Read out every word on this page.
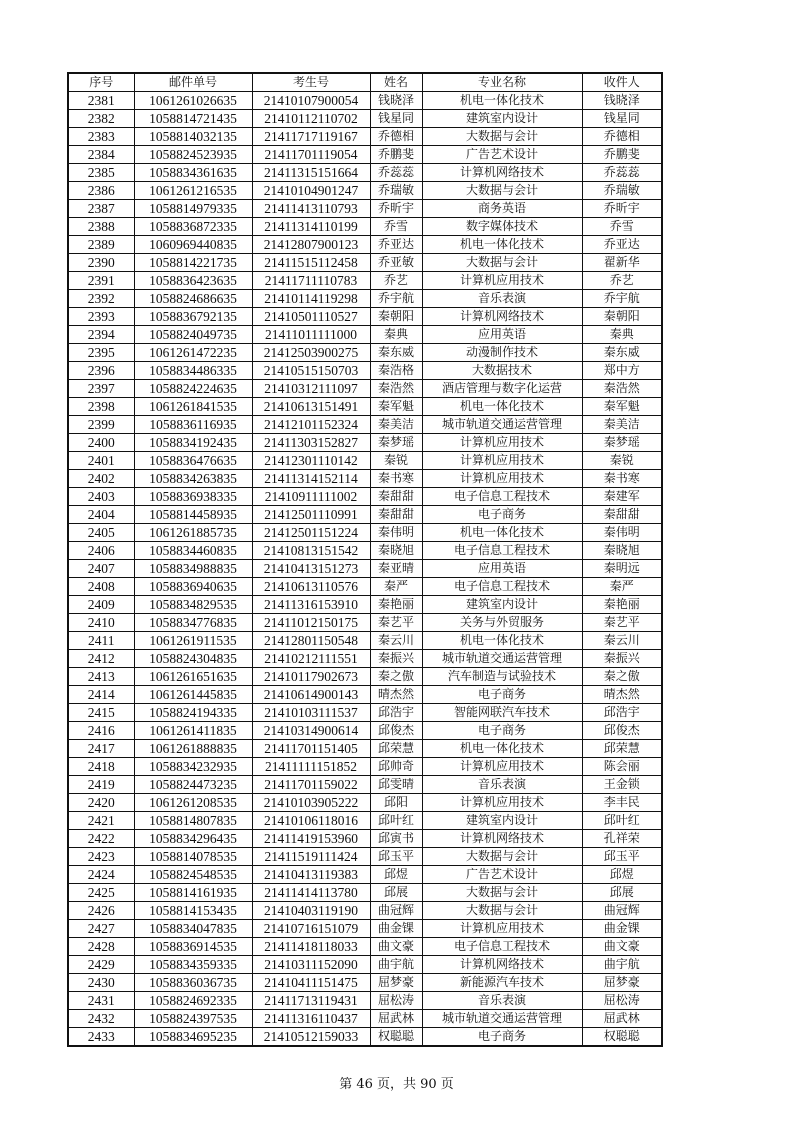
序号	邮件单号	考生号	姓名	专业名称	收件人
2381	1061261026635	21410107900054	钱晓泽	机电一体化技术	钱晓泽
2382	1058814721435	21410112110702	钱星同	建筑室内设计	钱星同
2383	1058814032135	21411717119167	乔德相	大数据与会计	乔德相
2384	1058824523935	21411701119054	乔鹏斐	广告艺术设计	乔鹏斐
2385	1058834361635	21411315151664	乔蕊蕊	计算机网络技术	乔蕊蕊
2386	1061261216535	21410104901247	乔瑞敏	大数据与会计	乔瑞敏
2387	1058814979335	21411413110793	乔昕宇	商务英语	乔昕宇
2388	1058836872335	21411314110199	乔雪	数字媒体技术	乔雪
2389	1060969440835	21412807900123	乔亚达	机电一体化技术	乔亚达
2390	1058814221735	21411515112458	乔亚敏	大数据与会计	翟新华
2391	1058836423635	21411711110783	乔艺	计算机应用技术	乔艺
2392	1058824686635	21410114119298	乔宇航	音乐表演	乔宇航
2393	1058836792135	21410501110527	秦朝阳	计算机网络技术	秦朝阳
2394	1058824049735	21411011111000	秦典	应用英语	秦典
2395	1061261472235	21412503900275	秦东威	动漫制作技术	秦东威
2396	1058834486335	21410515150703	秦浩格	大数据技术	郑中方
2397	1058824224635	21410312111097	秦浩然	酒店管理与数字化运营	秦浩然
2398	1061261841535	21410613151491	秦军魁	机电一体化技术	秦军魁
2399	1058836116935	21412101152324	秦美洁	城市轨道交通运营管理	秦美洁
2400	1058834192435	21411303152827	秦梦瑶	计算机应用技术	秦梦瑶
2401	1058836476635	21412301110142	秦锐	计算机应用技术	秦锐
2402	1058834263835	21411314152114	秦书寒	计算机应用技术	秦书寒
2403	1058836938335	21410911111002	秦甜甜	电子信息工程技术	秦建军
2404	1058814458935	21412501110991	秦甜甜	电子商务	秦甜甜
2405	1061261885735	21412501151224	秦伟明	机电一体化技术	秦伟明
2406	1058834460835	21410813151542	秦晓旭	电子信息工程技术	秦晓旭
2407	1058834988835	21410413151273	秦亚晴	应用英语	秦明远
2408	1058836940635	21410613110576	秦严	电子信息工程技术	秦严
2409	1058834829535	21411316153910	秦艳丽	建筑室内设计	秦艳丽
2410	1058834776835	21411012150175	秦艺平	关务与外贸服务	秦艺平
2411	1061261911535	21412801150548	秦云川	机电一体化技术	秦云川
2412	1058824304835	21410212111551	秦振兴	城市轨道交通运营管理	秦振兴
2413	1061261651635	21410117902673	秦之傲	汽车制造与试验技术	秦之傲
2414	1061261445835	21410614900143	晴杰然	电子商务	晴杰然
2415	1058824194335	21410103111537	邱浩宇	智能网联汽车技术	邱浩宇
2416	1061261411835	21410314900614	邱俊杰	电子商务	邱俊杰
2417	1061261888835	21411701151405	邱荣慧	机电一体化技术	邱荣慧
2418	1058834232935	21411111151852	邱帅奇	计算机应用技术	陈会丽
2419	1058824473235	21411701159022	邱雯晴	音乐表演	王金锁
2420	1061261208535	21410103905222	邱阳	计算机应用技术	李丰民
2421	1058814807835	21410106118016	邱叶红	建筑室内设计	邱叶红
2422	1058834296435	21411419153960	邱寅书	计算机网络技术	孔祥荣
2423	1058814078535	21411519111424	邱玉平	大数据与会计	邱玉平
2424	1058824548535	21410413119383	邱煜	广告艺术设计	邱煜
2425	1058814161935	21411414113780	邱展	大数据与会计	邱展
2426	1058814153435	21410403119190	曲冠辉	大数据与会计	曲冠辉
2427	1058834047835	21410716151079	曲金锞	计算机应用技术	曲金锞
2428	1058836914535	21411418118033	曲文豪	电子信息工程技术	曲文豪
2429	1058834359335	21410311152090	曲宇航	计算机网络技术	曲宇航
2430	1058836036735	21410411151475	屈梦豪	新能源汽车技术	屈梦豪
2431	1058824692335	21411713119431	屈松涛	音乐表演	屈松涛
2432	1058824397535	21411316110437	屈武林	城市轨道交通运营管理	屈武林
2433	1058834695235	21410512159033	权聪聪	电子商务	权聪聪
第 46 页，共 90 页
